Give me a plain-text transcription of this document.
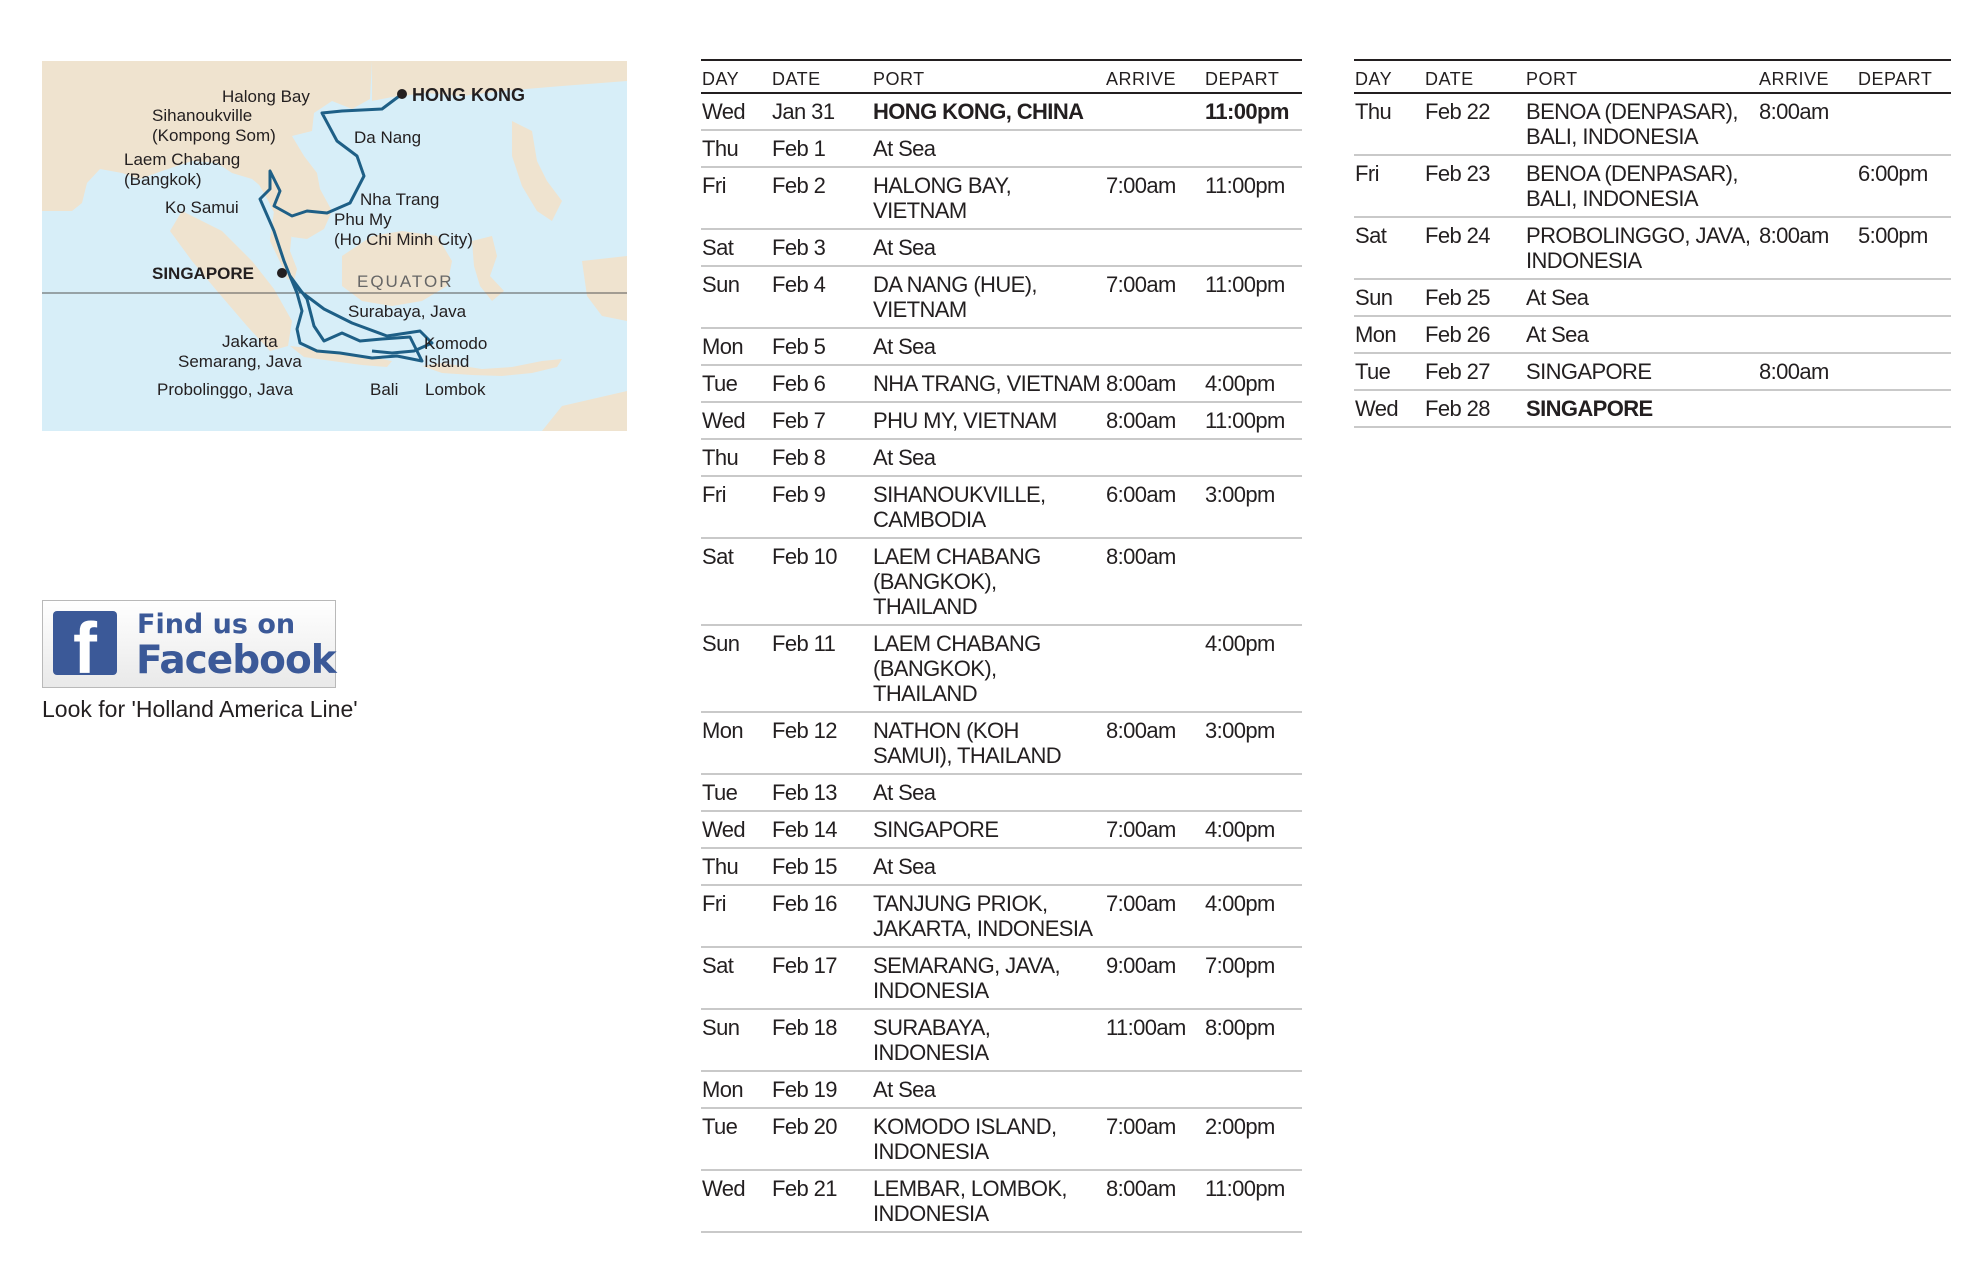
Halong Bay	HONG KONG
Sihanoukville
(Kompong Som)	Da Nang
Laem Chabang
(Bangkok)
Ko Samui	Nha Trang
Phu My
(Ho Chi Minh City)
SINGAPORE	EQUATOR
Surabaya, Java
Jakarta	Komodo
Island
Semarang, Java
Probolinggo, Java	Bali Lombok
f Find us on
Facebook
Look for 'Holland America Line'
DAY	DATE	PORT	ARRIVE	DEPART
Wed	Jan 31	HONG KONG, CHINA		11:00pm
Thu	Feb 1	At Sea		
Fri	Feb 2	HALONG BAY,
VIETNAM	7:00am	11:00pm
Sat	Feb 3	At Sea		
Sun	Feb 4	DA NANG (HUE),
VIETNAM	7:00am	11:00pm
Mon	Feb 5	At Sea		
Tue	Feb 6	NHA TRANG, VIETNAM	8:00am	4:00pm
Wed	Feb 7	PHU MY, VIETNAM	8:00am	11:00pm
Thu	Feb 8	At Sea		
Fri	Feb 9	SIHANOUKVILLE,
CAMBODIA	6:00am	3:00pm
Sat	Feb 10	LAEM CHABANG
(BANGKOK), THAILAND	8:00am	
Sun	Feb 11	LAEM CHABANG
(BANGKOK), THAILAND		4:00pm
Mon	Feb 12	NATHON (KOH
SAMUI), THAILAND	8:00am	3:00pm
Tue	Feb 13	At Sea		
Wed	Feb 14	SINGAPORE	7:00am	4:00pm
Thu	Feb 15	At Sea		
Fri	Feb 16	TANJUNG PRIOK,
JAKARTA, INDONESIA	7:00am	4:00pm
Sat	Feb 17	SEMARANG, JAVA,
INDONESIA	9:00am	7:00pm
Sun	Feb 18	SURABAYA,
INDONESIA	11:00am	8:00pm
Mon	Feb 19	At Sea		
Tue	Feb 20	KOMODO ISLAND,
INDONESIA	7:00am	2:00pm
Wed	Feb 21	LEMBAR, LOMBOK,
INDONESIA	8:00am	11:00pm
DAY	DATE	PORT	ARRIVE	DEPART
Thu	Feb 22	BENOA (DENPASAR),
BALI, INDONESIA	8:00am	
Fri	Feb 23	BENOA (DENPASAR),
BALI, INDONESIA		6:00pm
Sat	Feb 24	PROBOLINGGO, JAVA,
INDONESIA	8:00am	5:00pm
Sun	Feb 25	At Sea		
Mon	Feb 26	At Sea		
Tue	Feb 27	SINGAPORE	8:00am	
Wed	Feb 28	SINGAPORE		
